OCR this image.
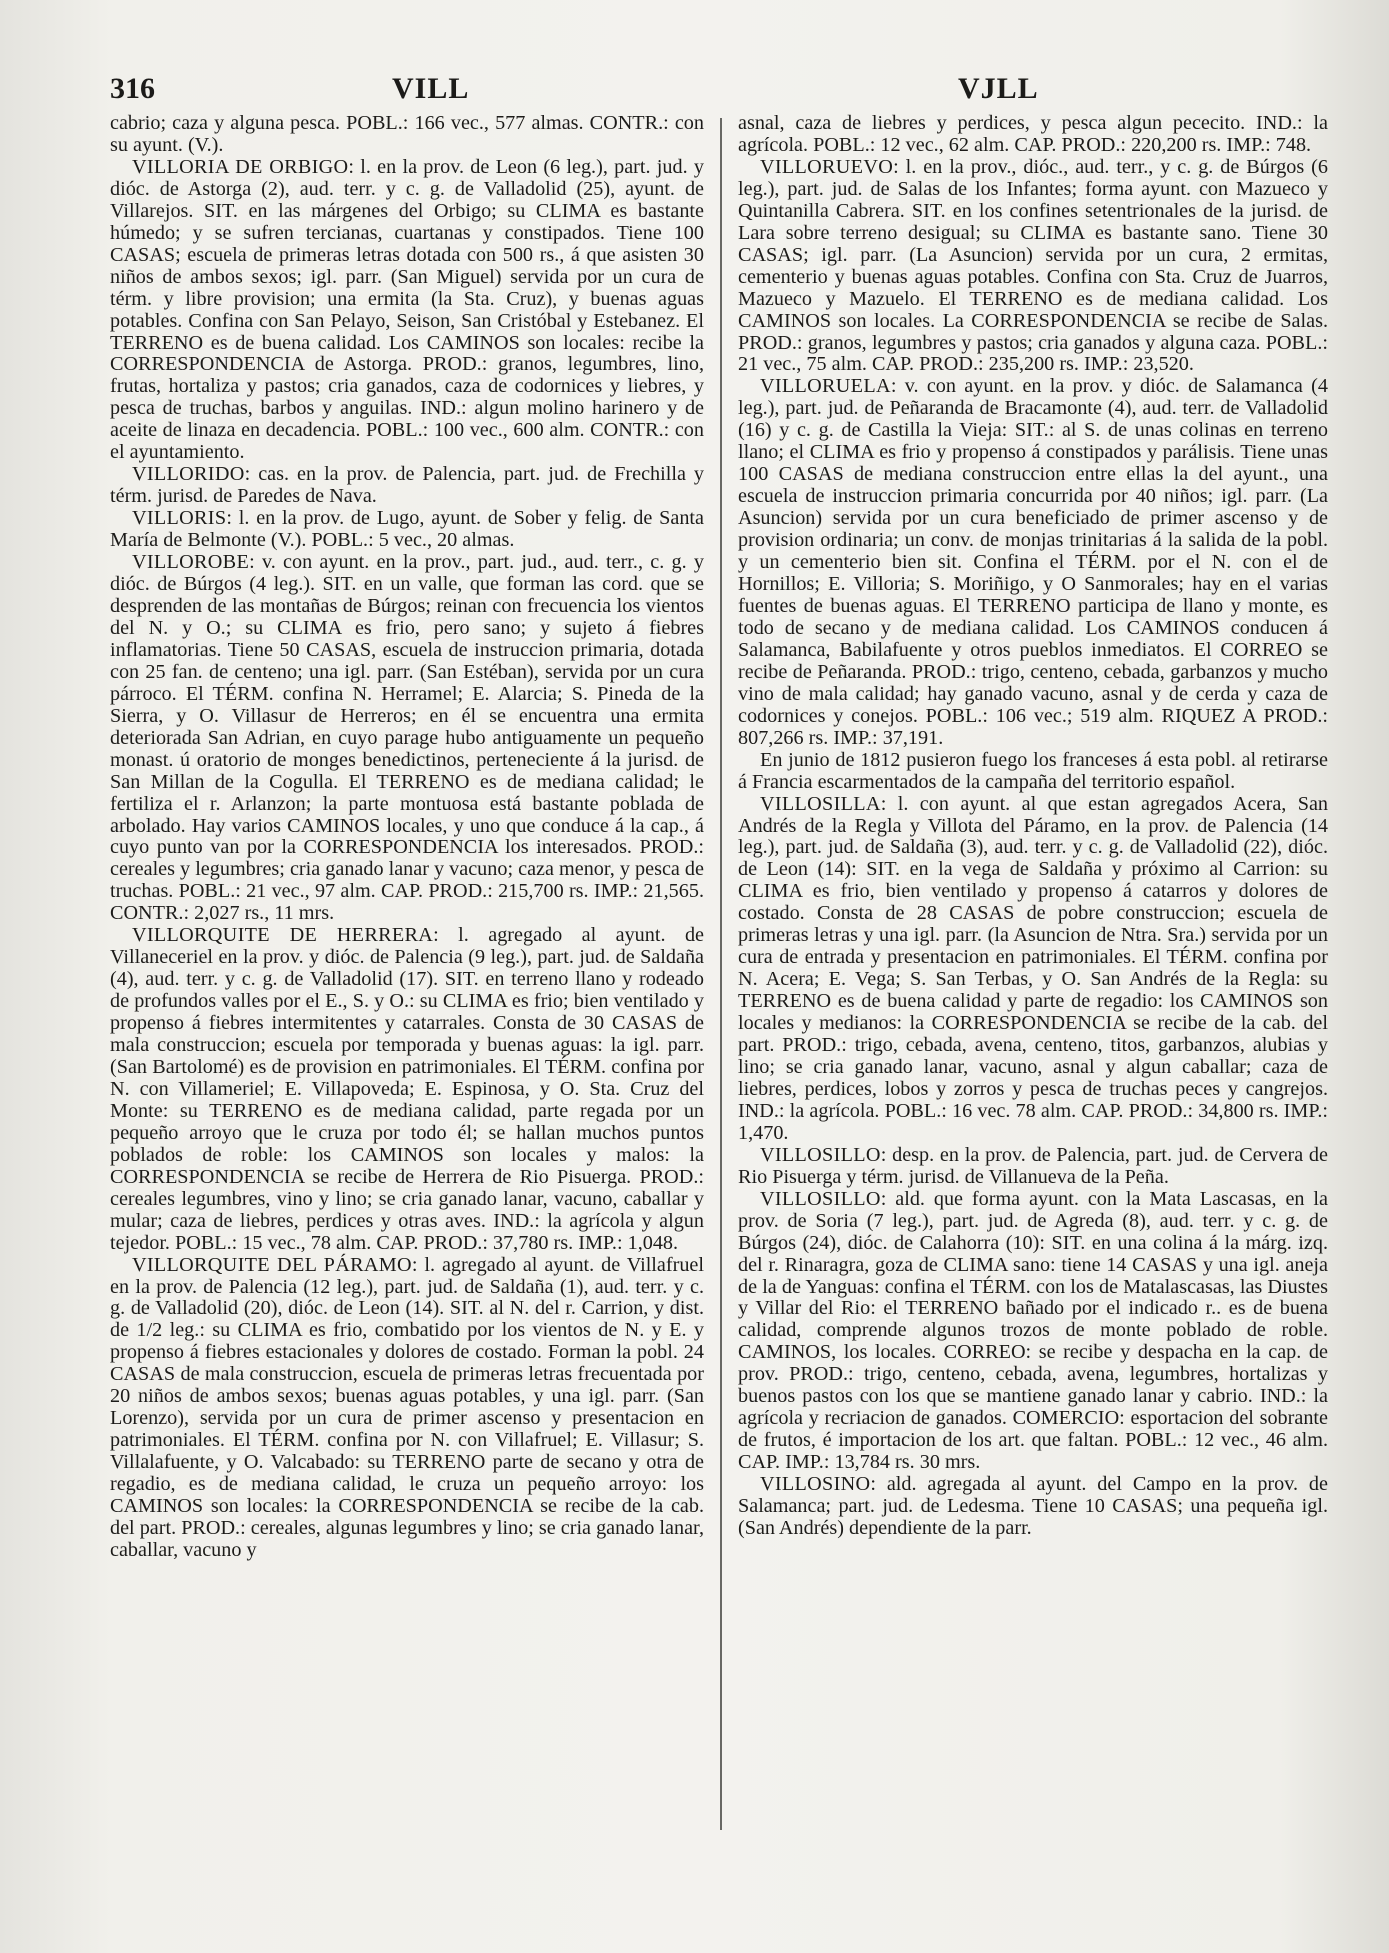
316	VILL	VJLL

cabrio; caza y alguna pesca. POBL.: 166 vec., 577 almas. CONTR.: con su ayunt. (V.).

VILLORIA DE ORBIGO: l. en la prov. de Leon (6 leg.), part. jud. y dióc. de Astorga (2), aud. terr. y c. g. de Valladolid (25), ayunt. de Villarejos. SIT. en las márgenes del Orbigo; su CLIMA es bastante húmedo; y se sufren tercianas, cuartanas y constipados. Tiene 100 CASAS; escuela de primeras letras dotada con 500 rs., á que asisten 30 niños de ambos sexos; igl. parr. (San Miguel) servida por un cura de térm. y libre provision; una ermita (la Sta. Cruz), y buenas aguas potables. Confina con San Pelayo, Seison, San Cristóbal y Estebanez. El TERRENO es de buena calidad. Los CAMINOS son locales: recibe la CORRESPONDENCIA de Astorga. PROD.: granos, legumbres, lino, frutas, hortaliza y pastos; cria ganados, caza de codornices y liebres, y pesca de truchas, barbos y anguilas. IND.: algun molino harinero y de aceite de linaza en decadencia. POBL.: 100 vec., 600 alm. CONTR.: con el ayuntamiento.

VILLORIDO: cas. en la prov. de Palencia, part. jud. de Frechilla y térm. jurisd. de Paredes de Nava.

VILLORIS: l. en la prov. de Lugo, ayunt. de Sober y felig. de Santa María de Belmonte (V.). POBL.: 5 vec., 20 almas.

VILLOROBE: v. con ayunt. en la prov., part. jud., aud. terr., c. g. y dióc. de Búrgos (4 leg.). SIT. en un valle, que forman las cord. que se desprenden de las montañas de Búrgos; reinan con frecuencia los vientos del N. y O.; su CLIMA es frio, pero sano; y sujeto á fiebres inflamatorias. Tiene 50 CASAS, escuela de instruccion primaria, dotada con 25 fan. de centeno; una igl. parr. (San Estéban), servida por un cura párroco. El TÉRM. confina N. Herramel; E. Alarcia; S. Pineda de la Sierra, y O. Villasur de Herreros; en él se encuentra una ermita deteriorada San Adrian, en cuyo parage hubo antiguamente un pequeño monast. ú oratorio de monges benedictinos, perteneciente á la jurisd. de San Millan de la Cogulla. El TERRENO es de mediana calidad; le fertiliza el r. Arlanzon; la parte montuosa está bastante poblada de arbolado. Hay varios CAMINOS locales, y uno que conduce á la cap., á cuyo punto van por la CORRESPONDENCIA los interesados. PROD.: cereales y legumbres; cria ganado lanar y vacuno; caza menor, y pesca de truchas. POBL.: 21 vec., 97 alm. CAP. PROD.: 215,700 rs. IMP.: 21,565. CONTR.: 2,027 rs., 11 mrs.

VILLORQUITE DE HERRERA: l. agregado al ayunt. de Villaneceriel en la prov. y dióc. de Palencia (9 leg.), part. jud. de Saldaña (4), aud. terr. y c. g. de Valladolid (17). SIT. en terreno llano y rodeado de profundos valles por el E., S. y O.: su CLIMA es frio; bien ventilado y propenso á fiebres intermitentes y catarrales. Consta de 30 CASAS de mala construccion; escuela por temporada y buenas aguas: la igl. parr. (San Bartolomé) es de provision en patrimoniales. El TÉRM. confina por N. con Villameriel; E. Villapoveda; E. Espinosa, y O. Sta. Cruz del Monte: su TERRENO es de mediana calidad, parte regada por un pequeño arroyo que le cruza por todo él; se hallan muchos puntos poblados de roble: los CAMINOS son locales y malos: la CORRESPONDENCIA se recibe de Herrera de Rio Pisuerga. PROD.: cereales legumbres, vino y lino; se cria ganado lanar, vacuno, caballar y mular; caza de liebres, perdices y otras aves. IND.: la agrícola y algun tejedor. POBL.: 15 vec., 78 alm. CAP. PROD.: 37,780 rs. IMP.: 1,048.

VILLORQUITE DEL PÁRAMO: l. agregado al ayunt. de Villafruel en la prov. de Palencia (12 leg.), part. jud. de Saldaña (1), aud. terr. y c. g. de Valladolid (20), dióc. de Leon (14). SIT. al N. del r. Carrion, y dist. de 1/2 leg.: su CLIMA es frio, combatido por los vientos de N. y E. y propenso á fiebres estacionales y dolores de costado. Forman la pobl. 24 CASAS de mala construccion, escuela de primeras letras frecuentada por 20 niños de ambos sexos; buenas aguas potables, y una igl. parr. (San Lorenzo), servida por un cura de primer ascenso y presentacion en patrimoniales. El TÉRM. confina por N. con Villafruel; E. Villasur; S. Villalafuente, y O. Valcabado: su TERRENO parte de secano y otra de regadio, es de mediana calidad, le cruza un pequeño arroyo: los CAMINOS son locales: la CORRESPONDENCIA se recibe de la cab. del part. PROD.: cereales, algunas legumbres y lino; se cria ganado lanar, caballar, vacuno y

asnal, caza de liebres y perdices, y pesca algun pececito. IND.: la agrícola. POBL.: 12 vec., 62 alm. CAP. PROD.: 220,200 rs. IMP.: 748.

VILLORUEVO: l. en la prov., dióc., aud. terr., y c. g. de Búrgos (6 leg.), part. jud. de Salas de los Infantes; forma ayunt. con Mazueco y Quintanilla Cabrera. SIT. en los confines setentrionales de la jurisd. de Lara sobre terreno desigual; su CLIMA es bastante sano. Tiene 30 CASAS; igl. parr. (La Asuncion) servida por un cura, 2 ermitas, cementerio y buenas aguas potables. Confina con Sta. Cruz de Juarros, Mazueco y Mazuelo. El TERRENO es de mediana calidad. Los CAMINOS son locales. La CORRESPONDENCIA se recibe de Salas. PROD.: granos, legumbres y pastos; cria ganados y alguna caza. POBL.: 21 vec., 75 alm. CAP. PROD.: 235,200 rs. IMP.: 23,520.

VILLORUELA: v. con ayunt. en la prov. y dióc. de Salamanca (4 leg.), part. jud. de Peñaranda de Bracamonte (4), aud. terr. de Valladolid (16) y c. g. de Castilla la Vieja: SIT.: al S. de unas colinas en terreno llano; el CLIMA es frio y propenso á constipados y parálisis. Tiene unas 100 CASAS de mediana construccion entre ellas la del ayunt., una escuela de instruccion primaria concurrida por 40 niños; igl. parr. (La Asuncion) servida por un cura beneficiado de primer ascenso y de provision ordinaria; un conv. de monjas trinitarias á la salida de la pobl. y un cementerio bien sit. Confina el TÉRM. por el N. con el de Hornillos; E. Villoria; S. Moriñigo, y O Sanmorales; hay en el varias fuentes de buenas aguas. El TERRENO participa de llano y monte, es todo de secano y de mediana calidad. Los CAMINOS conducen á Salamanca, Babilafuente y otros pueblos inmediatos. El CORREO se recibe de Peñaranda. PROD.: trigo, centeno, cebada, garbanzos y mucho vino de mala calidad; hay ganado vacuno, asnal y de cerda y caza de codornices y conejos. POBL.: 106 vec.; 519 alm. RIQUEZ A PROD.: 807,266 rs. IMP.: 37,191.

En junio de 1812 pusieron fuego los franceses á esta pobl. al retirarse á Francia escarmentados de la campaña del territorio español.

VILLOSILLA: l. con ayunt. al que estan agregados Acera, San Andrés de la Regla y Villota del Páramo, en la prov. de Palencia (14 leg.), part. jud. de Saldaña (3), aud. terr. y c. g. de Valladolid (22), dióc. de Leon (14): SIT. en la vega de Saldaña y próximo al Carrion: su CLIMA es frio, bien ventilado y propenso á catarros y dolores de costado. Consta de 28 CASAS de pobre construccion; escuela de primeras letras y una igl. parr. (la Asuncion de Ntra. Sra.) servida por un cura de entrada y presentacion en patrimoniales. El TÉRM. confina por N. Acera; E. Vega; S. San Terbas, y O. San Andrés de la Regla: su TERRENO es de buena calidad y parte de regadio: los CAMINOS son locales y medianos: la CORRESPONDENCIA se recibe de la cab. del part. PROD.: trigo, cebada, avena, centeno, titos, garbanzos, alubias y lino; se cria ganado lanar, vacuno, asnal y algun caballar; caza de liebres, perdices, lobos y zorros y pesca de truchas peces y cangrejos. IND.: la agrícola. POBL.: 16 vec. 78 alm. CAP. PROD.: 34,800 rs. IMP.: 1,470.

VILLOSILLO: desp. en la prov. de Palencia, part. jud. de Cervera de Rio Pisuerga y térm. jurisd. de Villanueva de la Peña.

VILLOSILLO: ald. que forma ayunt. con la Mata Lascasas, en la prov. de Soria (7 leg.), part. jud. de Agreda (8), aud. terr. y c. g. de Búrgos (24), dióc. de Calahorra (10): SIT. en una colina á la márg. izq. del r. Rinaragra, goza de CLIMA sano: tiene 14 CASAS y una igl. aneja de la de Yanguas: confina el TÉRM. con los de Matalascasas, las Diustes y Villar del Rio: el TERRENO bañado por el indicado r.. es de buena calidad, comprende algunos trozos de monte poblado de roble. CAMINOS, los locales. CORREO: se recibe y despacha en la cap. de prov. PROD.: trigo, centeno, cebada, avena, legumbres, hortalizas y buenos pastos con los que se mantiene ganado lanar y cabrio. IND.: la agrícola y recriacion de ganados. COMERCIO: esportacion del sobrante de frutos, é importacion de los art. que faltan. POBL.: 12 vec., 46 alm. CAP. IMP.: 13,784 rs. 30 mrs.

VILLOSINO: ald. agregada al ayunt. del Campo en la prov. de Salamanca; part. jud. de Ledesma. Tiene 10 CASAS; una pequeña igl. (San Andrés) dependiente de la parr.
